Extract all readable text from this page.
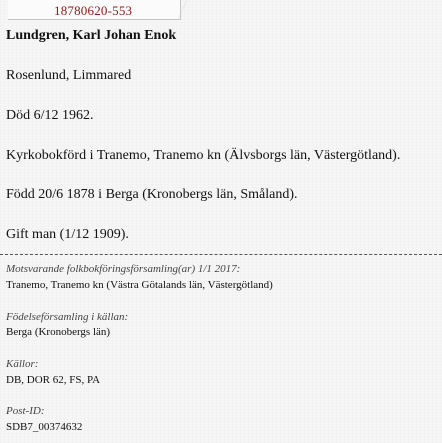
18780620-553
Lundgren, Karl Johan Enok
Rosenlund, Limmared
Död 6/12 1962.
Kyrkobokförd i Tranemo, Tranemo kn (Älvsborgs län, Västergötland).
Född 20/6 1878 i Berga (Kronobergs län, Småland).
Gift man (1/12 1909).
Motsvarande folkbokföringsförsamling(ar) 1/1 2017:
Tranemo, Tranemo kn (Västra Götalands län, Västergötland)
Födelseförsamling i källan:
Berga (Kronobergs län)
Källor:
DB, DOR 62, FS, PA
Post-ID:
SDB7_00374632
